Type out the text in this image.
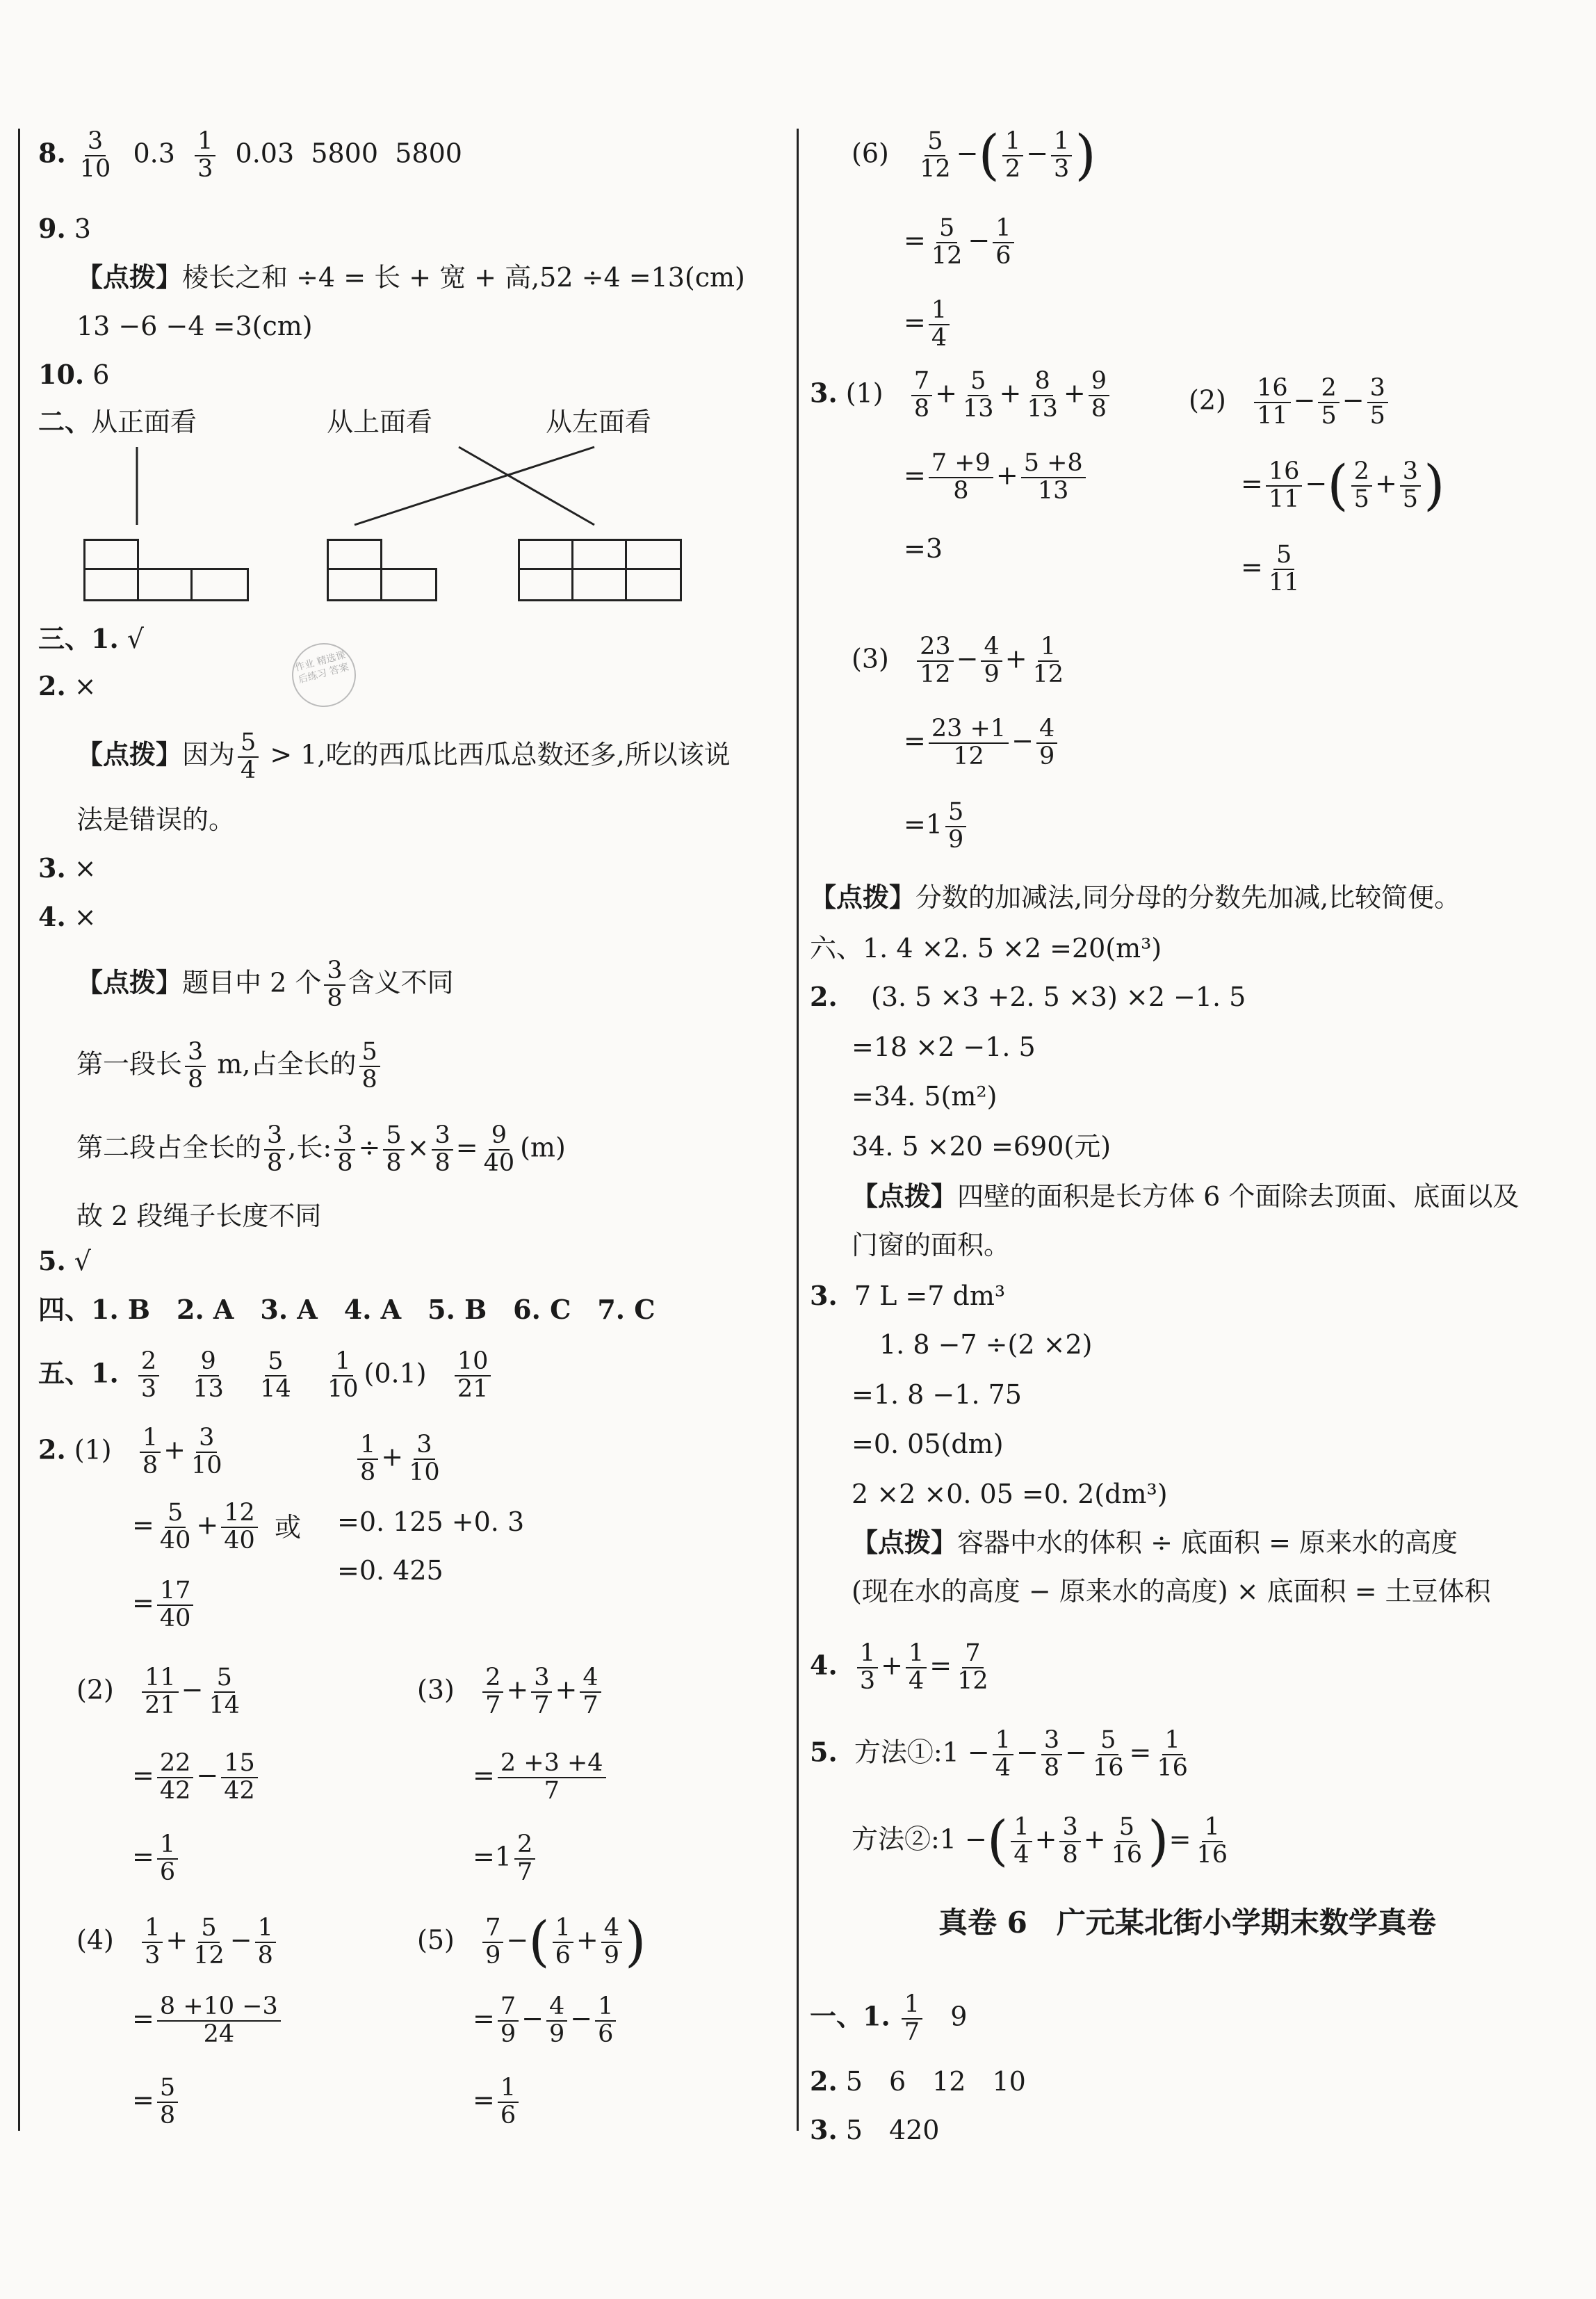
8. $\frac{3}{10} 0.3 \frac{1}{3} 0.03$ 5800 5800
9. 3
【点拨】棱长之和 ÷4 = 长 + 宽 + 高,52 ÷4 =13(cm)
13 −6 −4 =3(cm)
10. 6
二、从正面看	从上面看	从左面看
三、1. √
作业 精选课后练习 答案
2. ×
【点拨】因为 $\frac{5}{4} > 1$,吃的西瓜比西瓜总数还多,所以该说
法是错误的。
3. ×
4. ×
【点拨】题目中 2 个 $\frac{3}{8}$ 含义不同
第一段长 $\frac{3}{8} m$,占全长的 $\frac{5}{8}$
第二段占全长的 $\frac{3}{8}$ ,长: $\frac{3}{8} \div \frac{5}{8} \times \frac{3}{8} = \frac{9}{40} (m)$
故 2 段绳子长度不同
5. √
四、1. B　2. A　3. A　4. A　5. B　6. C　7. C
五、1. $\frac{2}{3}$
$\frac{9}{13}$
$\frac{5}{14}$
$\frac{1}{10} (0.1) \frac{10}{21}$
2. $(1) \frac{1}{8} + \frac{3}{10}$	$\frac{1}{8} + \frac{3}{10}$
= $\frac{5}{40} + \frac{12}{40}$ 或 =0. 125 +0. 3
=0. 425
= $\frac{17}{40}$
$(2) \frac{11}{21} - \frac{5}{14}$
= $\frac{22}{42} - \frac{15}{42}$
= $\frac{1}{6}$
$(3) \frac{2}{7} + \frac{3}{7} + \frac{4}{7}$
= $\frac{2 +3 +4}{7}$
$=1 \frac{2}{7}$
$(4) \frac{1}{3} + \frac{5}{12} - \frac{1}{8}$
= $\frac{8 +10 -3}{24}$
= $\frac{5}{8}$
$(5) \frac{7}{9}$ −( $\frac{1}{6} + \frac{4}{9}$ )
= $\frac{7}{9} - \frac{4}{9} - \frac{1}{6}$
= $\frac{1}{6}$
$(6) \frac{5}{12}$ −( $\frac{1}{2} - \frac{1}{3}$ )
= $\frac{5}{12} - \frac{1}{6}$
= $\frac{1}{4}$
3. $(1) \frac{7}{8} + \frac{5}{13} + \frac{8}{13} + \frac{9}{8}$
= $\frac{7 +9}{8} + \frac{5 +8}{13}$
=3
$(2) \frac{16}{11} - \frac{2}{5} - \frac{3}{5}$
= $\frac{16}{11}$ −( $\frac{2}{5} + \frac{3}{5}$ )
= $\frac{5}{11}$
$(3) \frac{23}{12} - \frac{4}{9} + \frac{1}{12}$
= $\frac{23 +1}{12} - \frac{4}{9}$
$=1 \frac{5}{9}$
【点拨】分数的加减法,同分母的分数先加减,比较简便。
六、1. 4 ×2. 5 ×2 =20(m³)
2. (3. 5 ×3 +2. 5 ×3) ×2 −1. 5
=18 ×2 −1. 5
=34. 5(m²)
34. 5 ×20 =690(元)
【点拨】四壁的面积是长方体 6 个面除去顶面、底面以及
门窗的面积。
3. 7 L =7 dm³
1. 8 −7 ÷(2 ×2)
=1. 8 −1. 75
=0. 05(dm)
2 ×2 ×0. 05 =0. 2(dm³)
【点拨】容器中水的体积 ÷ 底面积 = 原来水的高度
(现在水的高度 − 原来水的高度) × 底面积 = 土豆体积
4. $\frac{1}{3} + \frac{1}{4} = \frac{7}{12}$
5. 方法①:1 − $\frac{1}{4} - \frac{3}{8} - \frac{5}{16} = \frac{1}{16}$
方法②:1 −( $\frac{1}{4} + \frac{3}{8} + \frac{5}{16}$ )= $\frac{1}{16}$
真卷 6　广元某北街小学期末数学真卷
一、1. $\frac{1}{7} 9$
2. 5　6　12　10
3. 5　420
